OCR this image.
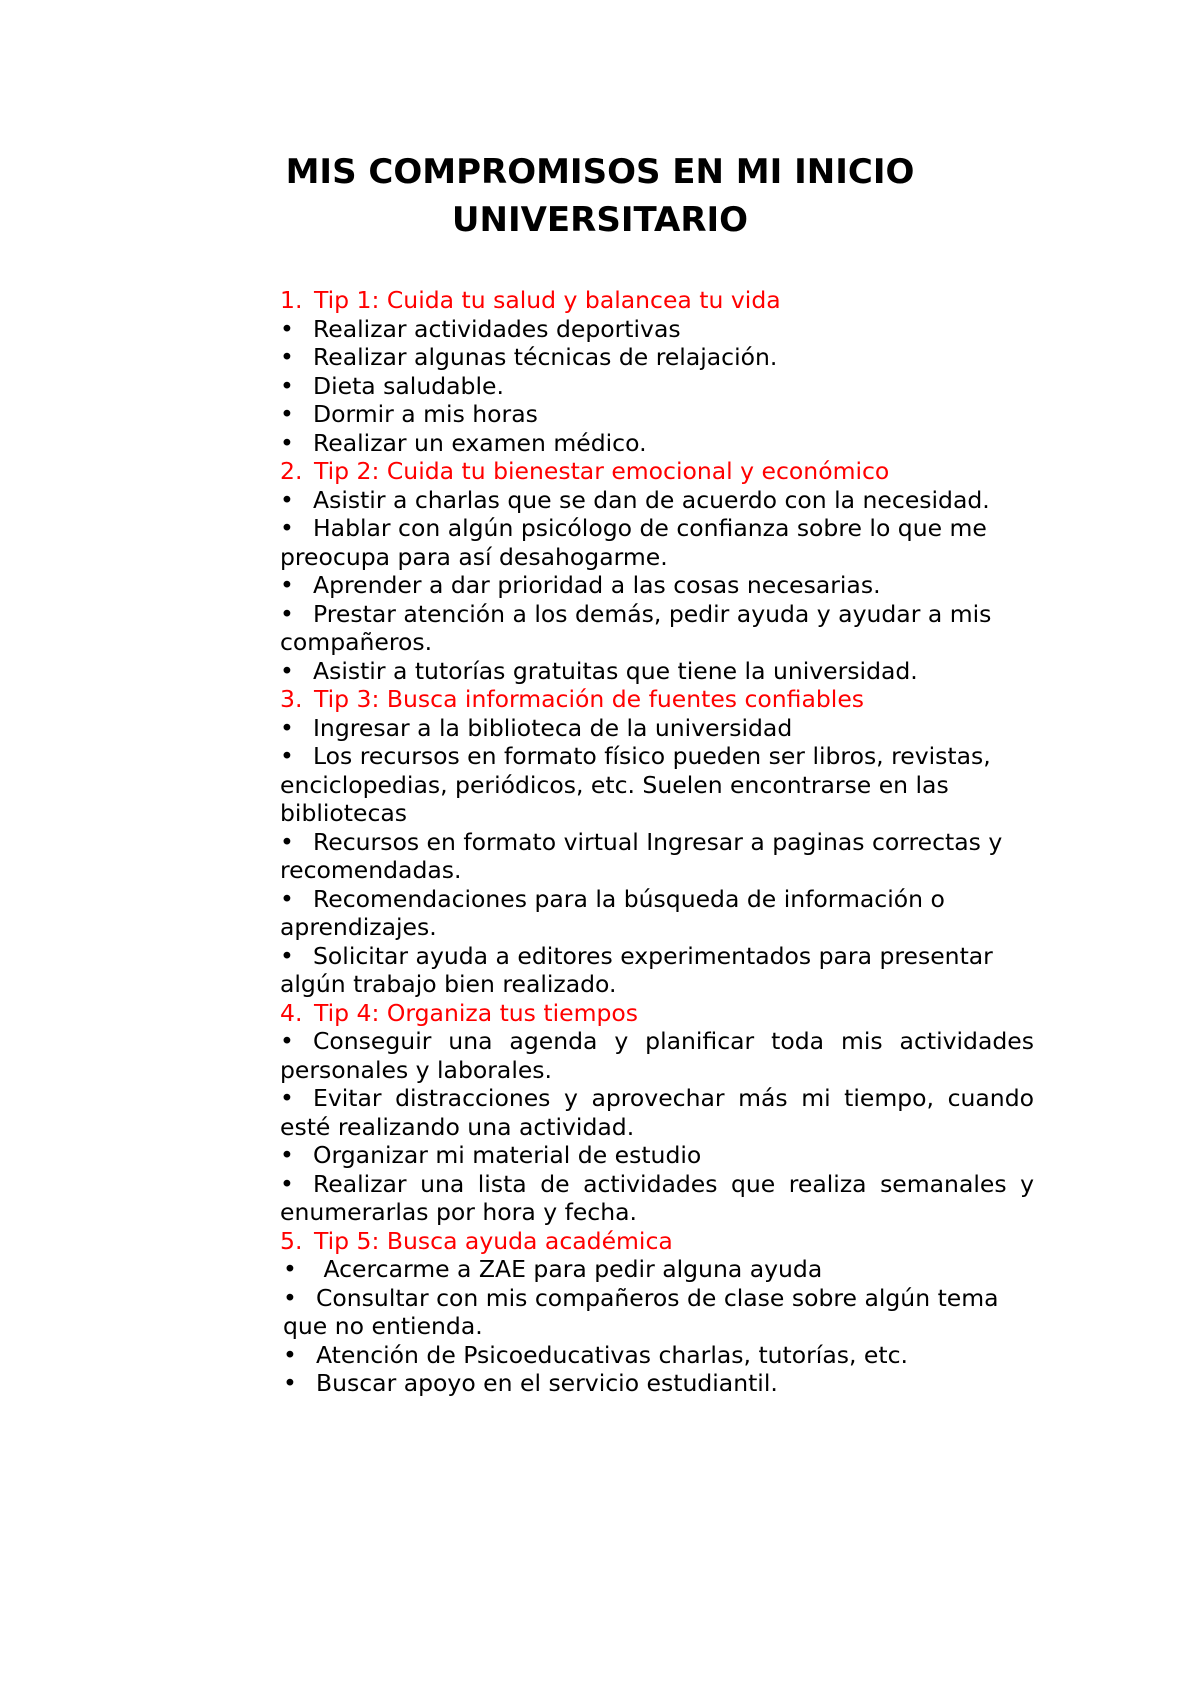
MIS COMPROMISOS EN MI INICIO
UNIVERSITARIO
1. Tip 1: Cuida tu salud y balancea tu vida
• Realizar actividades deportivas
• Realizar algunas técnicas de relajación.
• Dieta saludable.
• Dormir a mis horas
• Realizar un examen médico.
2. Tip 2: Cuida tu bienestar emocional y económico
• Asistir a charlas que se dan de acuerdo con la necesidad.
• Hablar con algún psicólogo de confianza sobre lo que me preocupa para así desahogarme.
• Aprender a dar prioridad a las cosas necesarias.
• Prestar atención a los demás, pedir ayuda y ayudar a mis compañeros.
• Asistir a tutorías gratuitas que tiene la universidad.
3. Tip 3: Busca información de fuentes confiables
• Ingresar a la biblioteca de la universidad
• Los recursos en formato físico pueden ser libros, revistas, enciclopedias, periódicos, etc. Suelen encontrarse en las bibliotecas
• Recursos en formato virtual Ingresar a paginas correctas y recomendadas.
• Recomendaciones para la búsqueda de información o aprendizajes.
• Solicitar ayuda a editores experimentados para presentar algún trabajo bien realizado.
4. Tip 4: Organiza tus tiempos
• Conseguir una agenda y planificar toda mis actividades personales y laborales.
• Evitar distracciones y aprovechar más mi tiempo, cuando esté realizando una actividad.
• Organizar mi material de estudio
• Realizar una lista de actividades que realiza semanales y enumerarlas por hora y fecha.
5. Tip 5: Busca ayuda académica
• Acercarme a ZAE para pedir alguna ayuda
• Consultar con mis compañeros de clase sobre algún tema que no entienda.
• Atención de Psicoeducativas charlas, tutorías, etc.
• Buscar apoyo en el servicio estudiantil.
